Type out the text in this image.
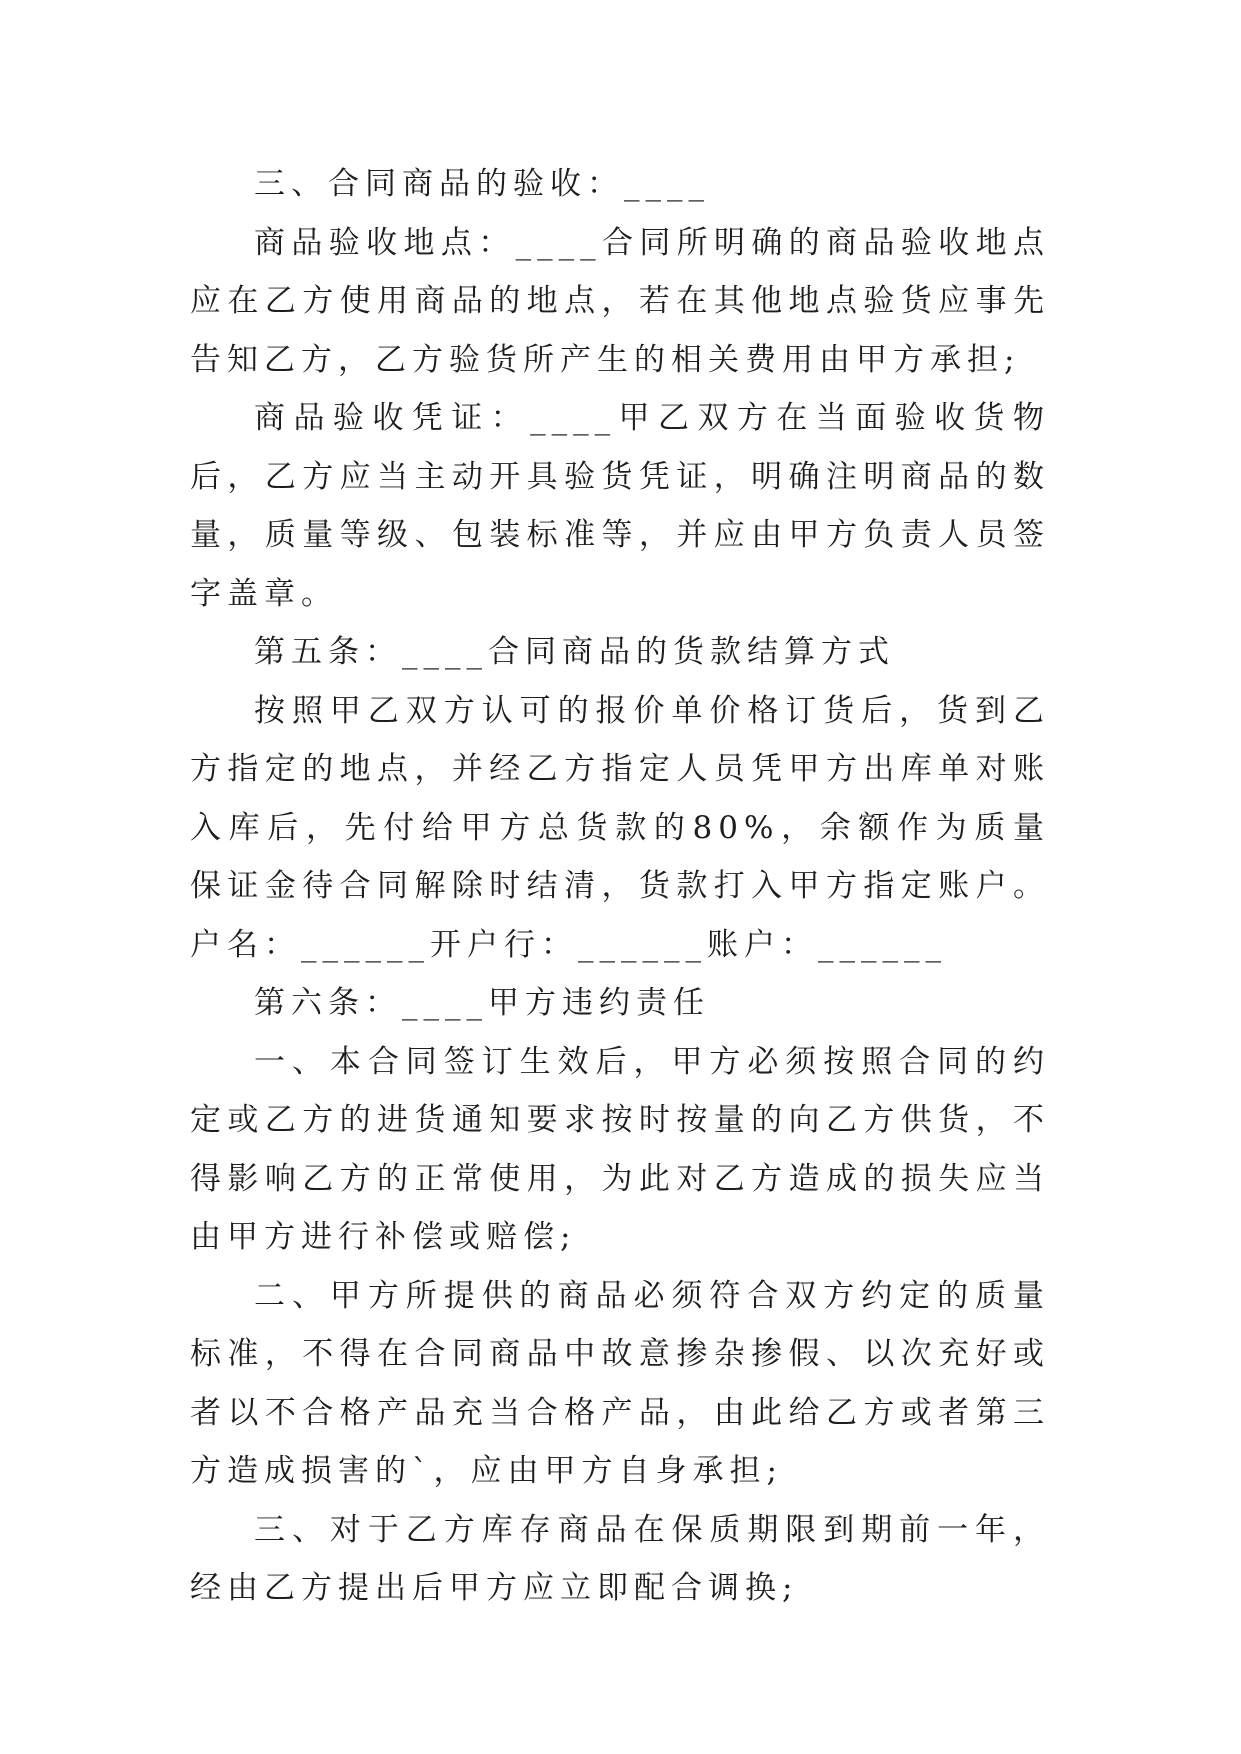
三、合同商品的验收：____

商品验收地点：____合同所明确的商品验收地点应在乙方使用商品的地点，若在其他地点验货应事先告知乙方，乙方验货所产生的相关费用由甲方承担;

商品验收凭证：____甲乙双方在当面验收货物后，乙方应当主动开具验货凭证，明确注明商品的数量，质量等级、包装标准等，并应由甲方负责人员签字盖章。

第五条：____合同商品的货款结算方式

按照甲乙双方认可的报价单价格订货后，货到乙方指定的地点，并经乙方指定人员凭甲方出库单对账入库后，先付给甲方总货款的80%，余额作为质量保证金待合同解除时结清，货款打入甲方指定账户。户名：______开户行：______账户：______

第六条：____甲方违约责任

一、本合同签订生效后，甲方必须按照合同的约定或乙方的进货通知要求按时按量的向乙方供货，不得影响乙方的正常使用，为此对乙方造成的损失应当由甲方进行补偿或赔偿;

二、甲方所提供的商品必须符合双方约定的质量标准，不得在合同商品中故意掺杂掺假、以次充好或者以不合格产品充当合格产品，由此给乙方或者第三方造成损害的`，应由甲方自身承担;

三、对于乙方库存商品在保质期限到期前一年，经由乙方提出后甲方应立即配合调换;
